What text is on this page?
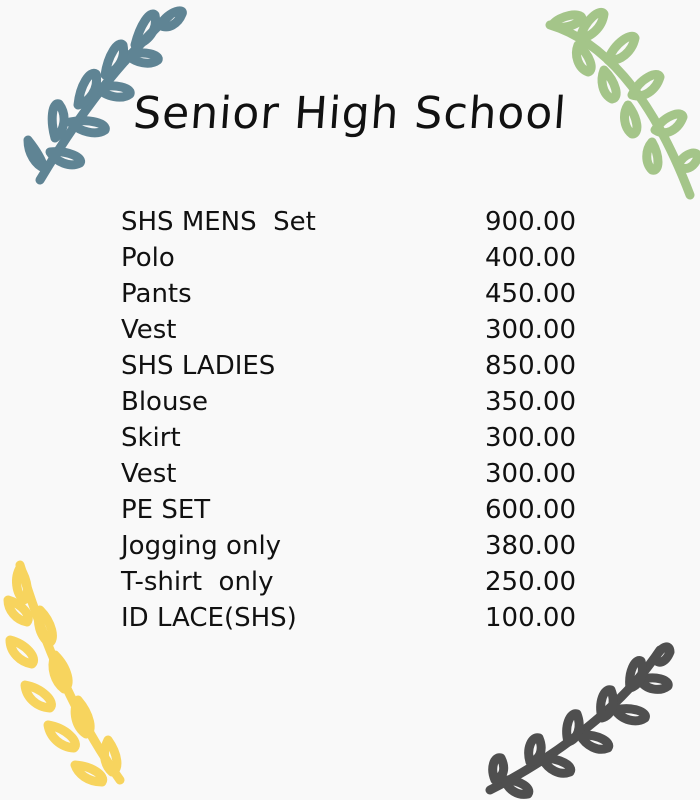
Senior High School
SHS MENS  Set	900.00
Polo	400.00
Pants	450.00
Vest	300.00
SHS LADIES	850.00
Blouse	350.00
Skirt	300.00
Vest	300.00
PE SET	600.00
Jogging only	380.00
T-shirt  only	250.00
ID LACE(SHS)	100.00
